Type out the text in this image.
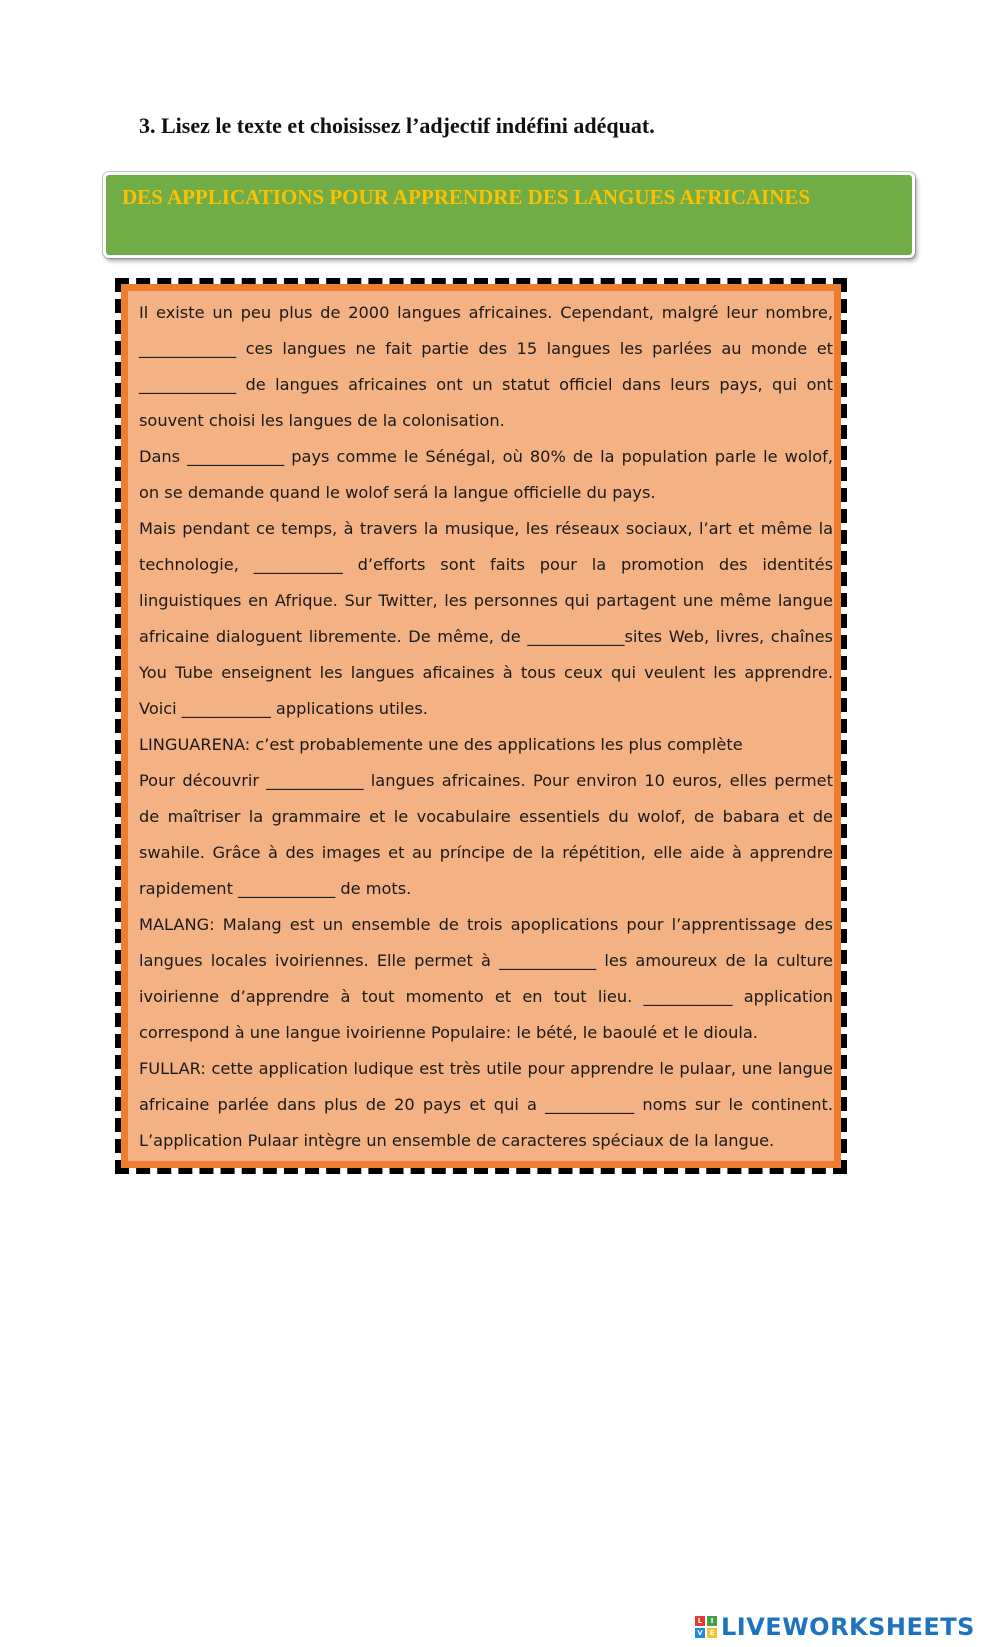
3. Lisez le texte et choisissez l’adjectif indéfini adéquat.
DES APPLICATIONS POUR APPRENDRE DES LANGUES AFRICAINES

Il existe un peu plus de 2000 langues africaines. Cependant, malgré leur nombre, ____________ ces langues ne fait partie des 15 langues les parlées au monde et ____________ de langues africaines ont un statut officiel dans leurs pays, qui ont souvent choisi les langues de la colonisation.

Dans ____________ pays comme le Sénégal, où 80% de la population parle le wolof, on se demande quand le wolof será la langue officielle du pays.

Mais pendant ce temps, à travers la musique, les réseaux sociaux, l’art et même la technologie, ___________ d’efforts sont faits pour la promotion des identités linguistiques en Afrique. Sur Twitter, les personnes qui partagent une même langue africaine dialoguent libremente. De même, de ____________sites Web, livres, chaînes You Tube enseignent les langues aficaines à tous ceux qui veulent les apprendre. Voici ___________ applications utiles.

LINGUARENA: c’est probablemente une des applications les plus complète

Pour découvrir ____________ langues africaines. Pour environ 10 euros, elles permet de maîtriser la grammaire et le vocabulaire essentiels du wolof, de babara et de swahile. Grâce à des images et au príncipe de la répétition, elle aide à apprendre rapidement ____________ de mots.

MALANG: Malang est un ensemble de trois apoplications pour l’apprentissage des langues locales ivoiriennes. Elle permet à ____________ les amoureux de la culture ivoirienne d’apprendre à tout momento et en tout lieu. ___________ application correspond à une langue ivoirienne Populaire: le bété, le baoulé et le dioula.

FULLAR: cette application ludique est très utile pour apprendre le pulaar, une langue africaine parlée dans plus de 20 pays et qui a ___________ noms sur le continent. L’application Pulaar intègre un ensemble de caracteres spéciaux de la langue.

L	I
V E LIVEWORKSHEETS
